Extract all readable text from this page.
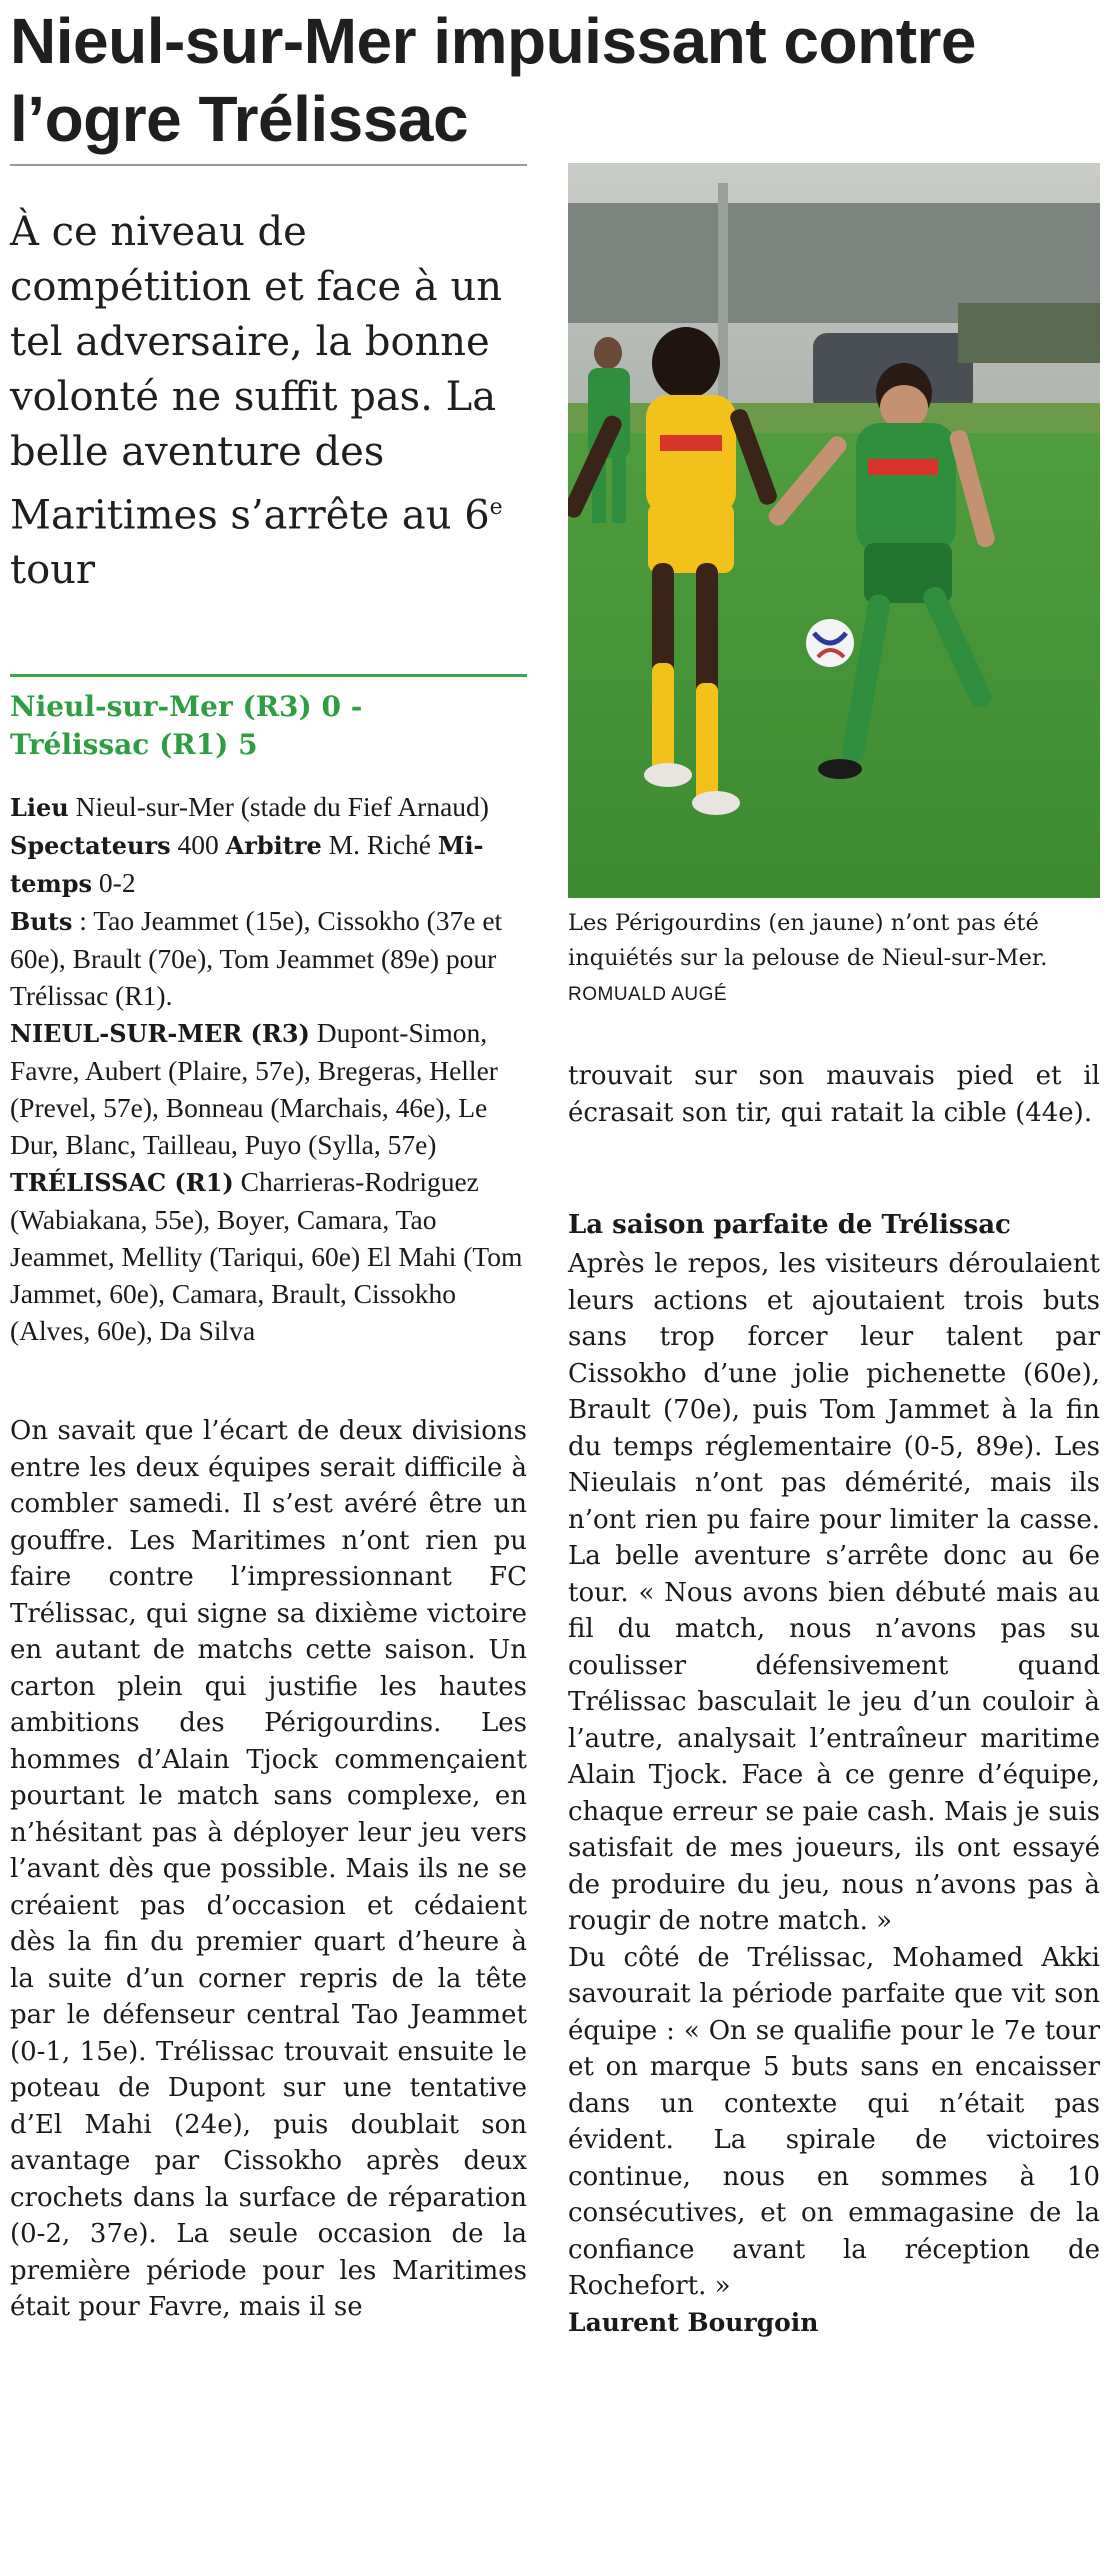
Nieul-sur-Mer impuissant contre l’ogre Trélissac
À ce niveau de compétition et face à un tel adversaire, la bonne volonté ne suffit pas. La belle aventure des Maritimes s’arrête au 6e tour
Nieul-sur-Mer (R3) 0 -
Trélissac (R1) 5
Lieu Nieul-sur-Mer (stade du Fief Arnaud) Spectateurs 400 Arbitre M. Riché Mi-temps 0-2
Buts : Tao Jeammet (15e), Cissokho (37e et 60e), Brault (70e), Tom Jeammet (89e) pour Trélissac (R1).
NIEUL-SUR-MER (R3) Dupont-Simon, Favre, Aubert (Plaire, 57e), Bregeras, Heller (Prevel, 57e), Bonneau (Marchais, 46e), Le Dur, Blanc, Tailleau, Puyo (Sylla, 57e)
TRÉLISSAC (R1) Charrieras-Rodriguez (Wabiakana, 55e), Boyer, Camara, Tao Jeammet, Mellity (Tariqui, 60e) El Mahi (Tom Jammet, 60e), Camara, Brault, Cissokho (Alves, 60e), Da Silva
On savait que l’écart de deux divisions entre les deux équipes serait difficile à combler samedi. Il s’est avéré être un gouffre. Les Maritimes n’ont rien pu faire contre l’impressionnant FC Trélissac, qui signe sa dixième victoire en autant de matchs cette saison. Un carton plein qui justifie les hautes ambitions des Périgourdins. Les hommes d’Alain Tjock commençaient pourtant le match sans complexe, en n’hésitant pas à déployer leur jeu vers l’avant dès que possible. Mais ils ne se créaient pas d’occasion et cédaient dès la fin du premier quart d’heure à la suite d’un corner repris de la tête par le défenseur central Tao Jeammet (0-1, 15e). Trélissac trouvait ensuite le poteau de Dupont sur une tentative d’El Mahi (24e), puis doublait son avantage par Cissokho après deux crochets dans la surface de réparation (0-2, 37e). La seule occasion de la première période pour les Maritimes était pour Favre, mais il se
Les Périgourdins (en jaune) n’ont pas été inquiétés sur la pelouse de Nieul-sur-Mer. ROMUALD AUGÉ
trouvait sur son mauvais pied et il écrasait son tir, qui ratait la cible (44e).
La saison parfaite de Trélissac

Après le repos, les visiteurs déroulaient leurs actions et ajoutaient trois buts sans trop forcer leur talent par Cissokho d’une jolie pichenette (60e), Brault (70e), puis Tom Jammet à la fin du temps réglementaire (0-5, 89e). Les Nieulais n’ont pas démérité, mais ils n’ont rien pu faire pour limiter la casse. La belle aventure s’arrête donc au 6e tour. « Nous avons bien débuté mais au fil du match, nous n’avons pas su coulisser défensivement quand Trélissac basculait le jeu d’un couloir à l’autre, analysait l’entraîneur maritime Alain Tjock. Face à ce genre d’équipe, chaque erreur se paie cash. Mais je suis satisfait de mes joueurs, ils ont essayé de produire du jeu, nous n’avons pas à rougir de notre match. »

Du côté de Trélissac, Mohamed Akki savourait la période parfaite que vit son équipe : « On se qualifie pour le 7e tour et on marque 5 buts sans en encaisser dans un contexte qui n’était pas évident. La spirale de victoires continue, nous en sommes à 10 consécutives, et on emmagasine de la confiance avant la réception de Rochefort. »

Laurent Bourgoin
